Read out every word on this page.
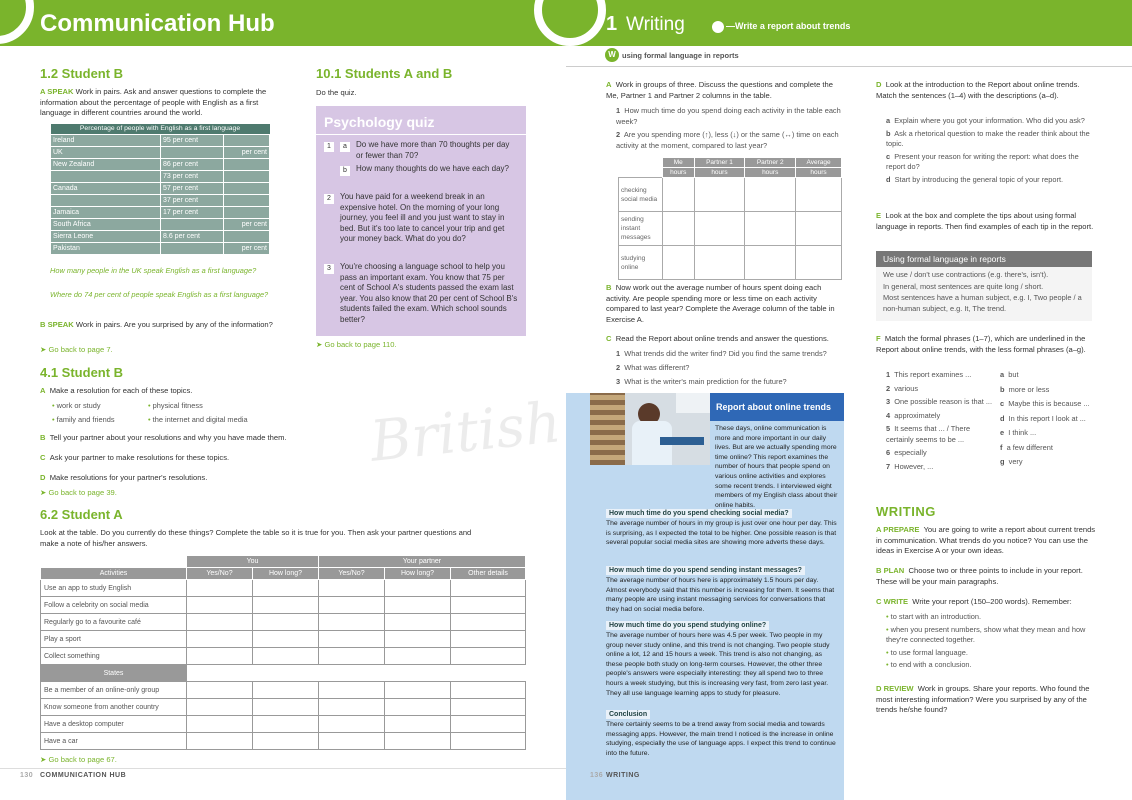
Communication Hub
1.2 Student B
A SPEAK Work in pairs. Ask and answer questions to complete the information about the percentage of people with English as a first language in different countries around the world.
Percentage of people with English as a first language		
Ireland	95 per cent	
UK		per cent
New Zealand	86 per cent	
	73 per cent	
Canada	57 per cent	
	37 per cent	
Jamaica	17 per cent	
South Africa		per cent
Sierra Leone	8.6 per cent	
Pakistan		per cent
How many people in the UK speak English as a first language?
Where do 74 per cent of people speak English as a first language?
B SPEAK Work in pairs. Are you surprised by any of the information?
➤ Go back to page 7.
10.1 Students A and B
Do the quiz.
Psychology quiz
1	a	Do we have more than 70 thoughts per day or fewer than 70?
b	How many thoughts do we have each day?
2	You have paid for a weekend break in an expensive hotel. On the morning of your long journey, you feel ill and you just want to stay in bed. But it's too late to cancel your trip and get your money back. What do you do?
3	You're choosing a language school to help you pass an important exam. You know that 75 per cent of School A's students passed the exam last year. You also know that 20 per cent of School B's students failed the exam. Which school sounds better?
➤ Go back to page 110.
4.1 Student B
A Make a resolution for each of these topics.
• work or study	• physical fitness
• family and friends	• the internet and digital media
B Tell your partner about your resolutions and why you have made them.
C Ask your partner to make resolutions for these topics.
D Make resolutions for your partner's resolutions.
➤ Go back to page 39.
6.2 Student A
Look at the table. Do you currently do these things? Complete the table so it is true for you. Then ask your partner questions and make a note of his/her answers.
	You		Your partner		
Activities	Yes/No?	How long?	Yes/No?	How long?	Other details
Use an app to study English					
Follow a celebrity on social media					
Regularly go to a favourite café					
Play a sport					
Collect something					
States					
Be a member of an online-only group					
Know someone from another country					
Have a desktop computer					
Have a car					
➤ Go back to page 67.
130 COMMUNICATION HUB
1 Writing	—Write a report about trends
W using formal language in reports
A Work in groups of three. Discuss the questions and complete the Me, Partner 1 and Partner 2 columns in the table.
1 How much time do you spend doing each activity in the table each week?
2 Are you spending more (↑), less (↓) or the same (↔) time on each activity at the moment, compared to last year?
	Me	Partner 1	Partner 2	Average
	hours	hours	hours	hours
checking social media				
sending instant messages				
studying online				
B Now work out the average number of hours spent doing each activity. Are people spending more or less time on each activity compared to last year? Complete the Average column of the table in Exercise A.
C Read the Report about online trends and answer the questions.
1 What trends did the writer find? Did you find the same trends?
2 What was different?
3 What is the writer's main prediction for the future?
Report about online trends
These days, online communication is more and more important in our daily lives. But are we actually spending more time online? This report examines the number of hours that people spend on various online activities and explores some recent trends. I interviewed eight members of my English class about their online habits.
How much time do you spend checking social media?
The average number of hours in my group is just over one hour per day. This is surprising, as I expected the total to be higher. One possible reason is that several popular social media sites are showing more adverts these days.
How much time do you spend sending instant messages?
The average number of hours here is approximately 1.5 hours per day. Almost everybody said that this number is increasing for them. It seems that many people are using instant messaging services for conversations that they had on social media before.
How much time do you spend studying online?
The average number of hours here was 4.5 per week. Two people in my group never study online, and this trend is not changing. Two people study online a lot, 12 and 15 hours a week. This trend is also not changing, as these people both study on long-term courses. However, the other three people's answers were especially interesting: they all spend two to three hours a week studying, but this is increasing very fast, from zero last year. They all use language learning apps to study for pleasure.
Conclusion
There certainly seems to be a trend away from social media and towards messaging apps. However, the main trend I noticed is the increase in online studying, especially the use of language apps. I expect this trend to continue into the future.
136 WRITING
D Look at the introduction to the Report about online trends. Match the sentences (1–4) with the descriptions (a–d).
a Explain where you got your information. Who did you ask?
b Ask a rhetorical question to make the reader think about the topic.
c Present your reason for writing the report: what does the report do?
d Start by introducing the general topic of your report.
E Look at the box and complete the tips about using formal language in reports. Then find examples of each tip in the report.
Using formal language in reports
We use / don't use contractions (e.g. there's, isn't).
In general, most sentences are quite long / short.
Most sentences have a human subject, e.g. I, Two people / a non-human subject, e.g. It, The trend.
F Match the formal phrases (1–7), which are underlined in the Report about online trends, with the less formal phrases (a–g).
1 This report examines ...
2 various
3 One possible reason is that ...
4 approximately
5 It seems that ... / There certainly seems to be ...
6 especially
7 However, ...
a but
b more or less
c Maybe this is because ...
d In this report I look at ...
e I think ...
f a few different
g very
WRITING
A PREPARE You are going to write a report about current trends in communication. What trends do you notice? You can use the ideas in Exercise A or your own ideas.
B PLAN Choose two or three points to include in your report. These will be your main paragraphs.
C WRITE Write your report (150–200 words). Remember:
• to start with an introduction.
• when you present numbers, show what they mean and how they're connected together.
• to use formal language.
• to end with a conclusion.
D REVIEW Work in groups. Share your reports. Who found the most interesting information? Were you surprised by any of the trends he/she found?
British
